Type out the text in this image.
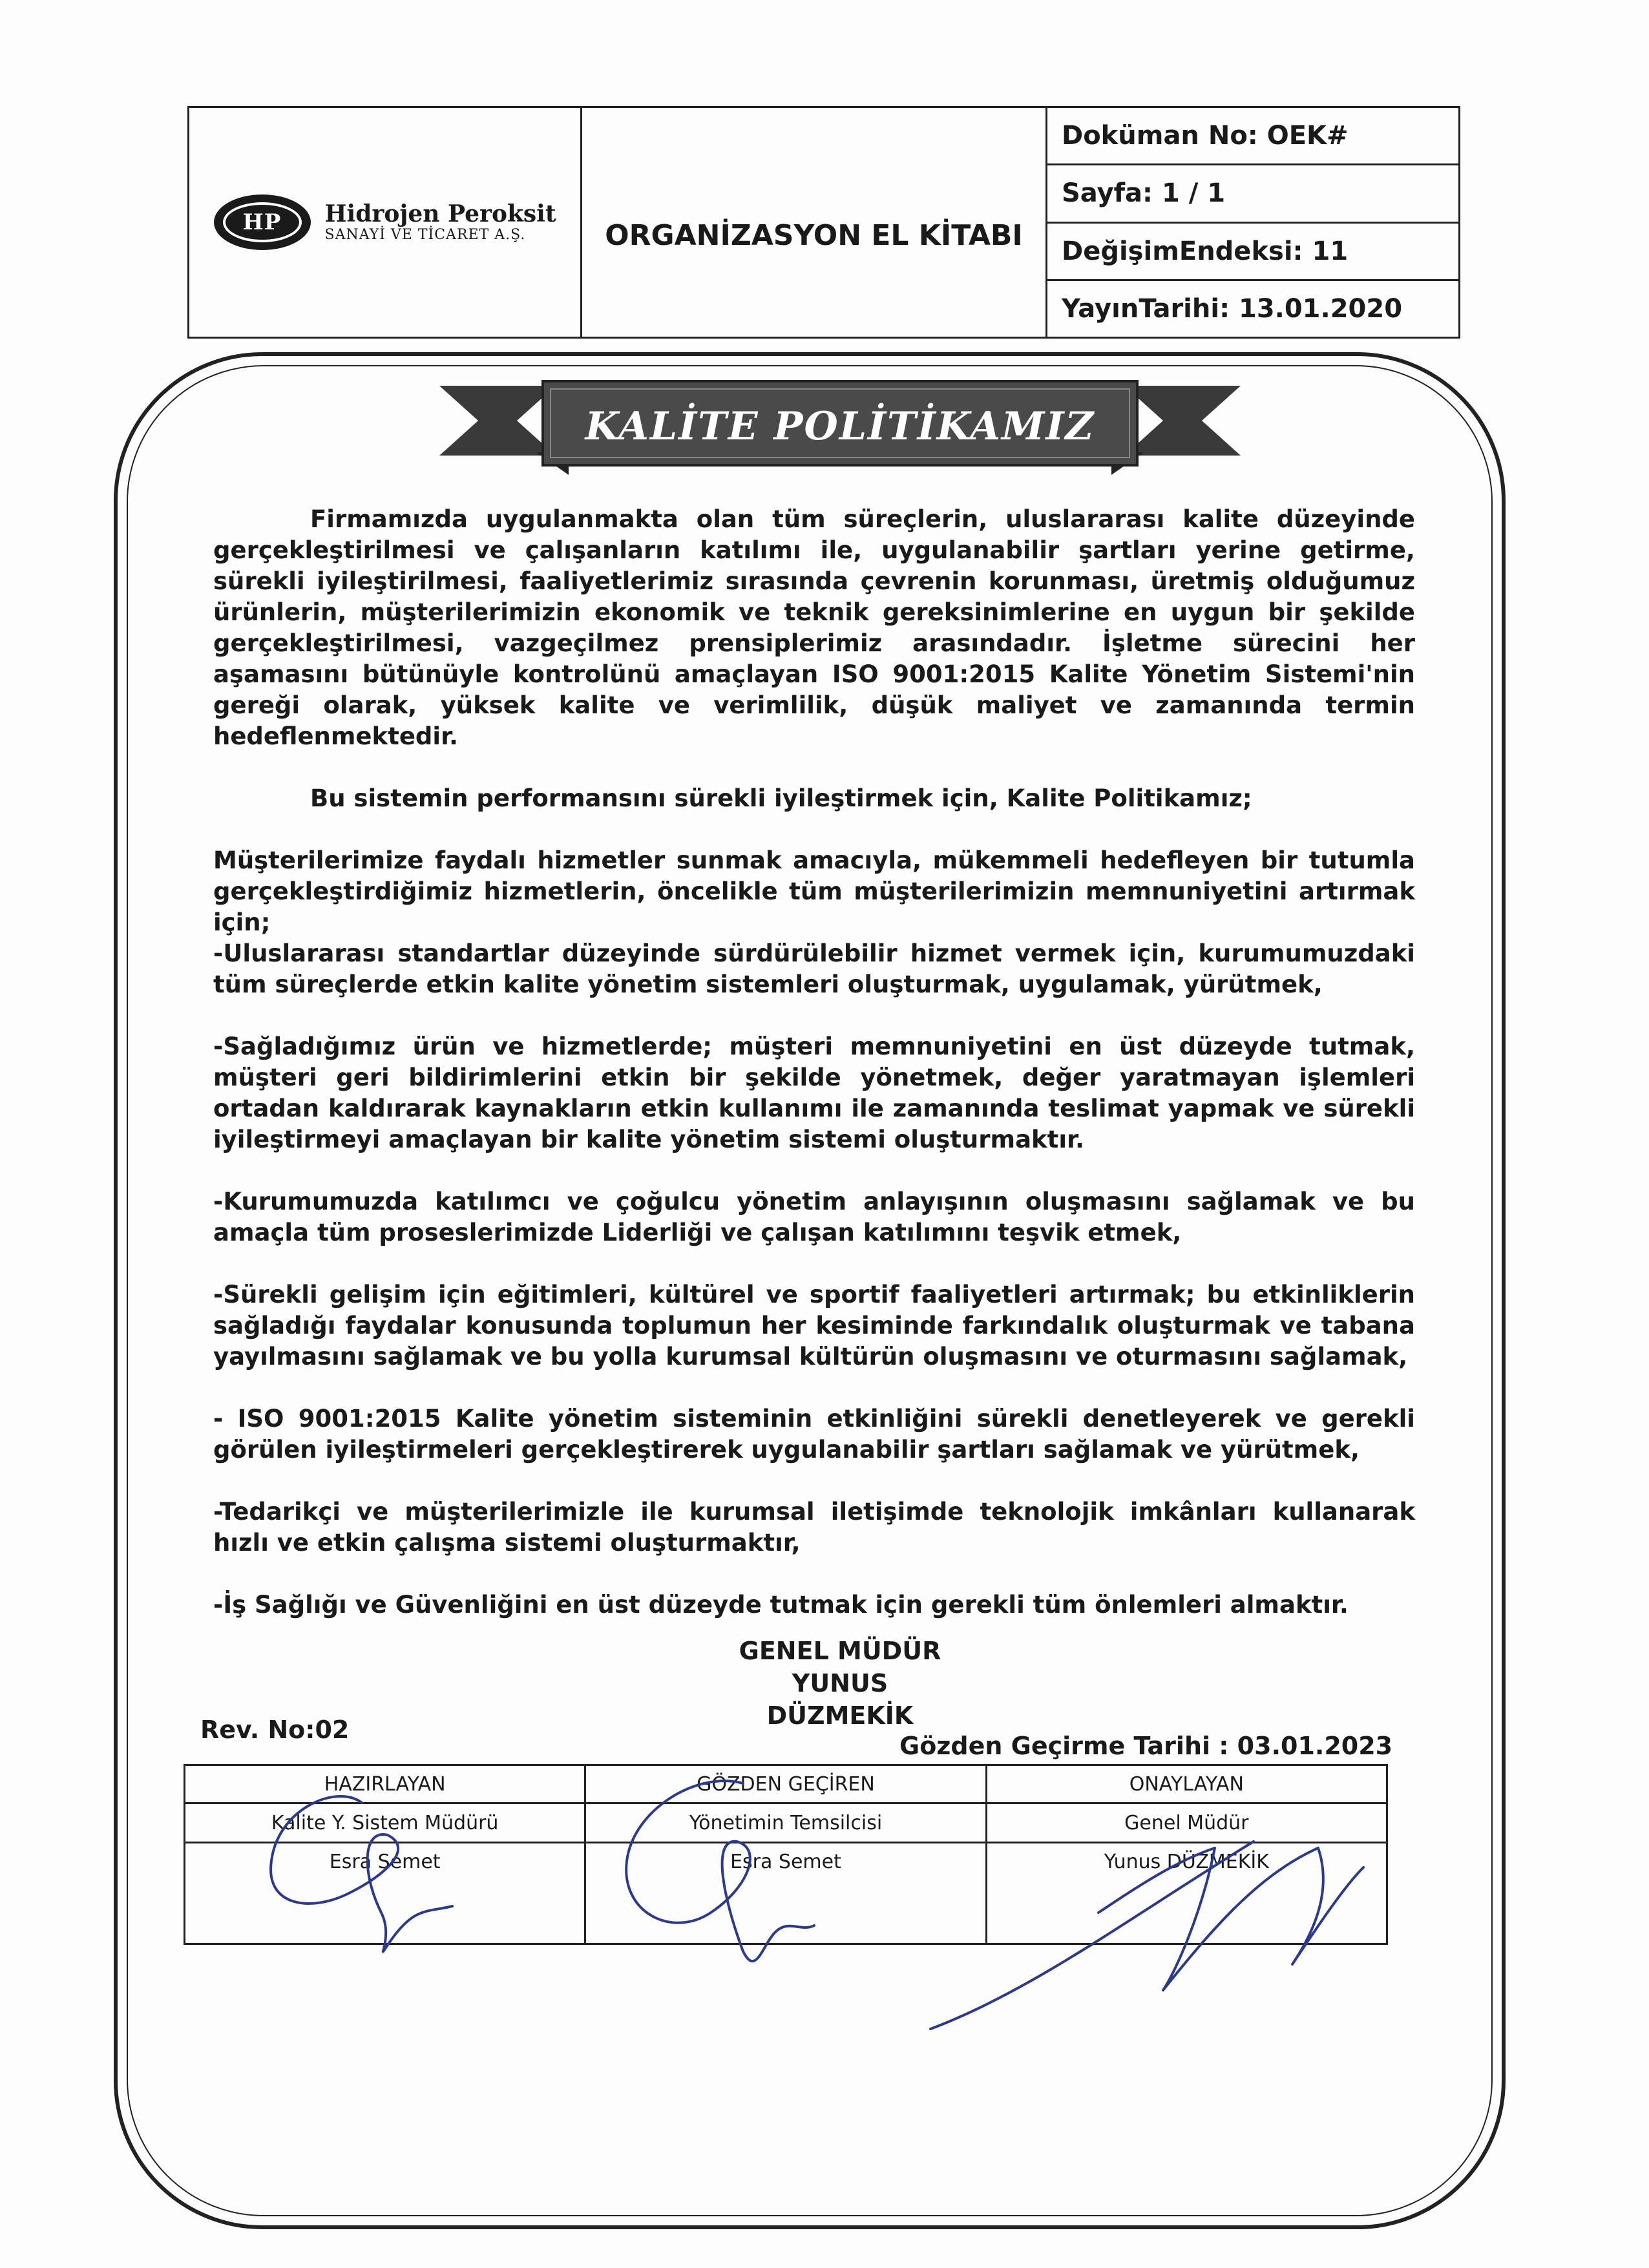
HP	Hidrojen Peroksit
SANAYİ VE TİCARET A.Ş.	ORGANİZASYON EL KİTABI
Doküman No: OEK#
Sayfa: 1 / 1
DeğişimEndeksi: 11
YayınTarihi: 13.01.2020
KALİTE POLİTİKAMIZ

Firmamızda uygulanmakta olan tüm süreçlerin, uluslararası kalite düzeyinde gerçekleştirilmesi ve çalışanların katılımı ile, uygulanabilir şartları yerine getirme, sürekli iyileştirilmesi, faaliyetlerimiz sırasında çevrenin korunması, üretmiş olduğumuz ürünlerin, müşterilerimizin ekonomik ve teknik gereksinimlerine en uygun bir şekilde gerçekleştirilmesi, vazgeçilmez prensiplerimiz arasındadır. İşletme sürecini her aşamasını bütünüyle kontrolünü amaçlayan ISO 9001:2015 Kalite Yönetim Sistemi'nin gereği olarak, yüksek kalite ve verimlilik, düşük maliyet ve zamanında termin hedeflenmektedir.

Bu sistemin performansını sürekli iyileştirmek için, Kalite Politikamız;

Müşterilerimize faydalı hizmetler sunmak amacıyla, mükemmeli hedefleyen bir tutumla gerçekleştirdiğimiz hizmetlerin, öncelikle tüm müşterilerimizin memnuniyetini artırmak için;

-Uluslararası standartlar düzeyinde sürdürülebilir hizmet vermek için, kurumumuzdaki tüm süreçlerde etkin kalite yönetim sistemleri oluşturmak, uygulamak, yürütmek,

-Sağladığımız ürün ve hizmetlerde; müşteri memnuniyetini en üst düzeyde tutmak, müşteri geri bildirimlerini etkin bir şekilde yönetmek, değer yaratmayan işlemleri ortadan kaldırarak kaynakların etkin kullanımı ile zamanında teslimat yapmak ve sürekli iyileştirmeyi amaçlayan bir kalite yönetim sistemi oluşturmaktır.

-Kurumumuzda katılımcı ve çoğulcu yönetim anlayışının oluşmasını sağlamak ve bu amaçla tüm proseslerimizde Liderliği ve çalışan katılımını teşvik etmek,

-Sürekli gelişim için eğitimleri, kültürel ve sportif faaliyetleri artırmak; bu etkinliklerin sağladığı faydalar konusunda toplumun her kesiminde farkındalık oluşturmak ve tabana yayılmasını sağlamak ve bu yolla kurumsal kültürün oluşmasını ve oturmasını sağlamak,

- ISO 9001:2015 Kalite yönetim sisteminin etkinliğini sürekli denetleyerek ve gerekli görülen iyileştirmeleri gerçekleştirerek uygulanabilir şartları sağlamak ve yürütmek,

-Tedarikçi ve müşterilerimizle ile kurumsal iletişimde teknolojik imkânları kullanarak hızlı ve etkin çalışma sistemi oluşturmaktır,

-İş Sağlığı ve Güvenliğini en üst düzeyde tutmak için gerekli tüm önlemleri almaktır.

GENEL MÜDÜR
YUNUS
DÜZMEKİK
Rev. No:02
Gözden Geçirme Tarihi : 03.01.2023
HAZIRLAYAN
Kalite Y. Sistem Müdürü
Esra Semet
GÖZDEN GEÇİREN
Yönetimin Temsilcisi
Esra Semet
ONAYLAYAN
Genel Müdür
Yunus DÜZMEKİK
